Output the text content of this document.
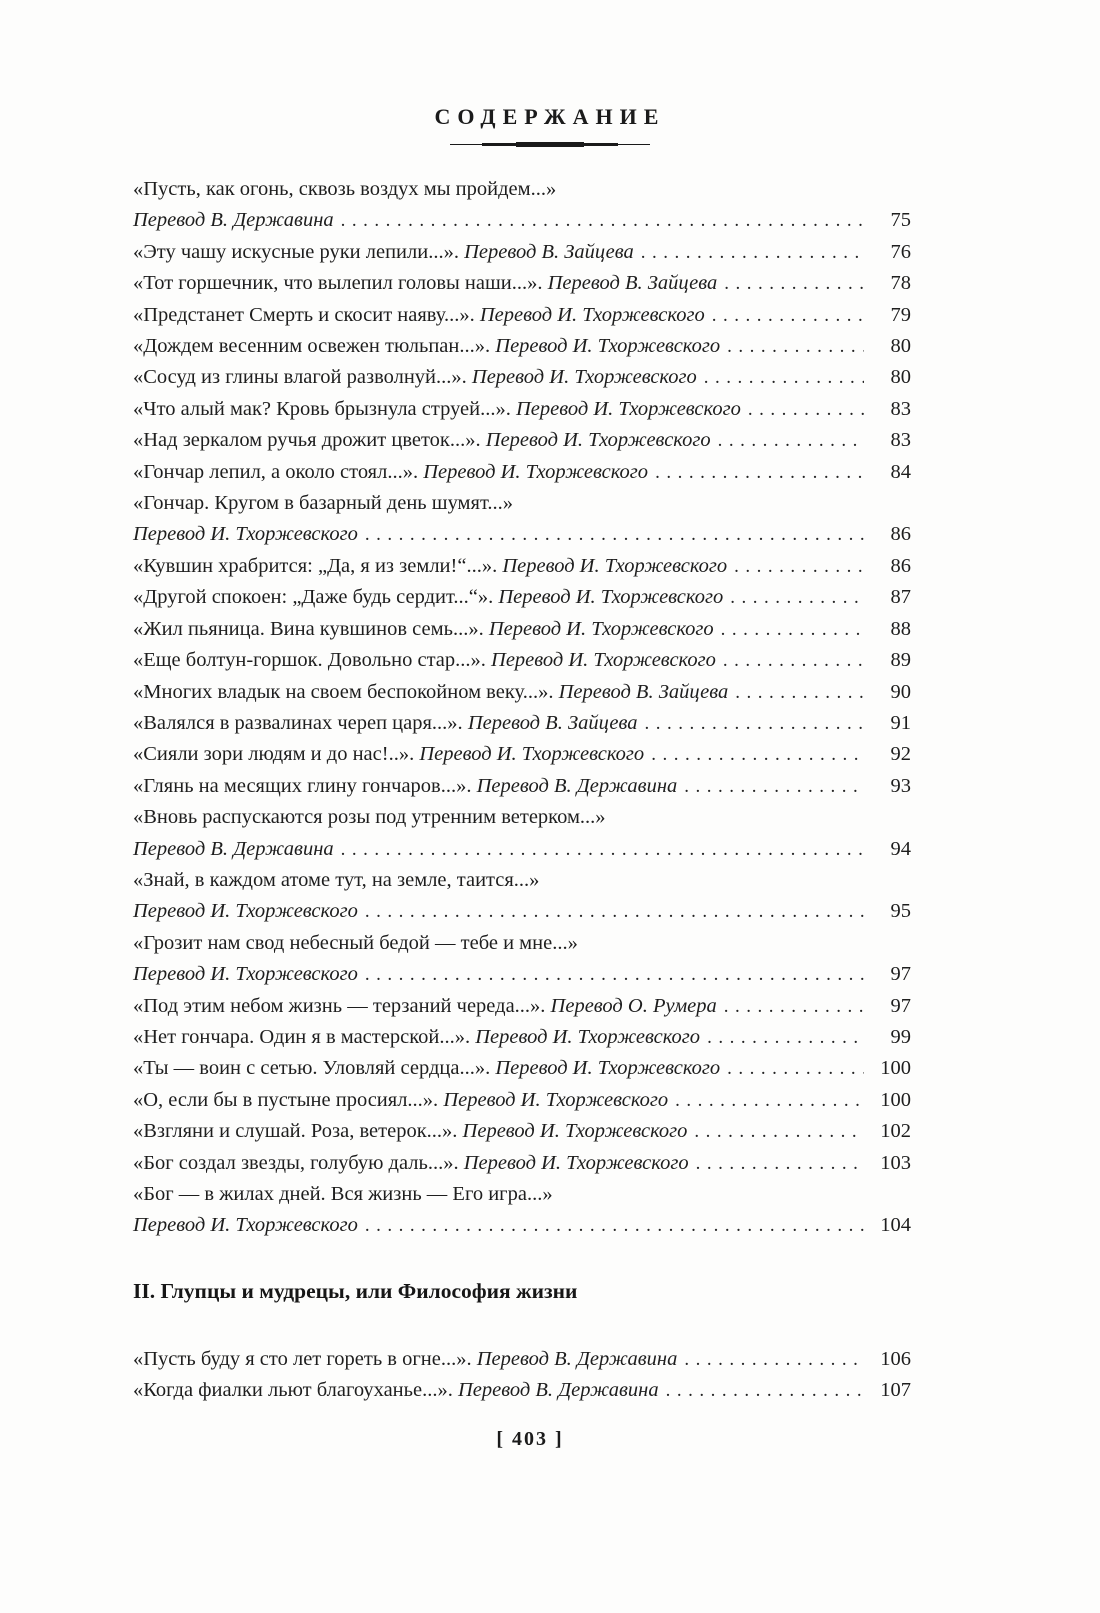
СОДЕРЖАНИЕ
«Пусть, как огонь, сквозь воздух мы пройдем...»
Перевод В. Державина .....	75
«Эту чашу искусные руки лепили...». Перевод В. Зайцева .....	76
«Тот горшечник, что вылепил головы наши...». Перевод В. Зайцева .....	78
«Предстанет Смерть и скосит наяву...». Перевод И. Тхоржевского .....	79
«Дождем весенним освежен тюльпан...». Перевод И. Тхоржевского .....	80
«Сосуд из глины влагой разволнуй...». Перевод И. Тхоржевского .....	80
«Что алый мак? Кровь брызнула струей...». Перевод И. Тхоржевского .....	83
«Над зеркалом ручья дрожит цветок...». Перевод И. Тхоржевского .....	83
«Гончар лепил, а около стоял...». Перевод И. Тхоржевского .....	84
«Гончар. Кругом в базарный день шумят...»
Перевод И. Тхоржевского .....	86
«Кувшин храбрится: „Да, я из земли!“...». Перевод И. Тхоржевского .....	86
«Другой спокоен: „Даже будь сердит...“». Перевод И. Тхоржевского .....	87
«Жил пьяница. Вина кувшинов семь...». Перевод И. Тхоржевского .....	88
«Еще болтун-горшок. Довольно стар...». Перевод И. Тхоржевского .....	89
«Многих владык на своем беспокойном веку...». Перевод В. Зайцева .....	90
«Валялся в развалинах череп царя...». Перевод В. Зайцева .....	91
«Сияли зори людям и до нас!..». Перевод И. Тхоржевского .....	92
«Глянь на месящих глину гончаров...». Перевод В. Державина .....	93
«Вновь распускаются розы под утренним ветерком...»
Перевод В. Державина .....	94
«Знай, в каждом атоме тут, на земле, таится...»
Перевод И. Тхоржевского .....	95
«Грозит нам свод небесный бедой — тебе и мне...»
Перевод И. Тхоржевского .....	97
«Под этим небом жизнь — терзаний череда...». Перевод О. Румера .....	97
«Нет гончара. Один я в мастерской...». Перевод И. Тхоржевского .....	99
«Ты — воин с сетью. Уловляй сердца...». Перевод И. Тхоржевского .....	100
«О, если бы в пустыне просиял...». Перевод И. Тхоржевского .....	100
«Взгляни и слушай. Роза, ветерок...». Перевод И. Тхоржевского .....	102
«Бог создал звезды, голубую даль...». Перевод И. Тхоржевского .....	103
«Бог — в жилах дней. Вся жизнь — Его игра...»
Перевод И. Тхоржевского .....	104
II. Глупцы и мудрецы, или Философия жизни
«Пусть буду я сто лет гореть в огне...». Перевод В. Державина .....	106
«Когда фиалки льют благоуханье...». Перевод В. Державина .....	107
[ 403 ]
